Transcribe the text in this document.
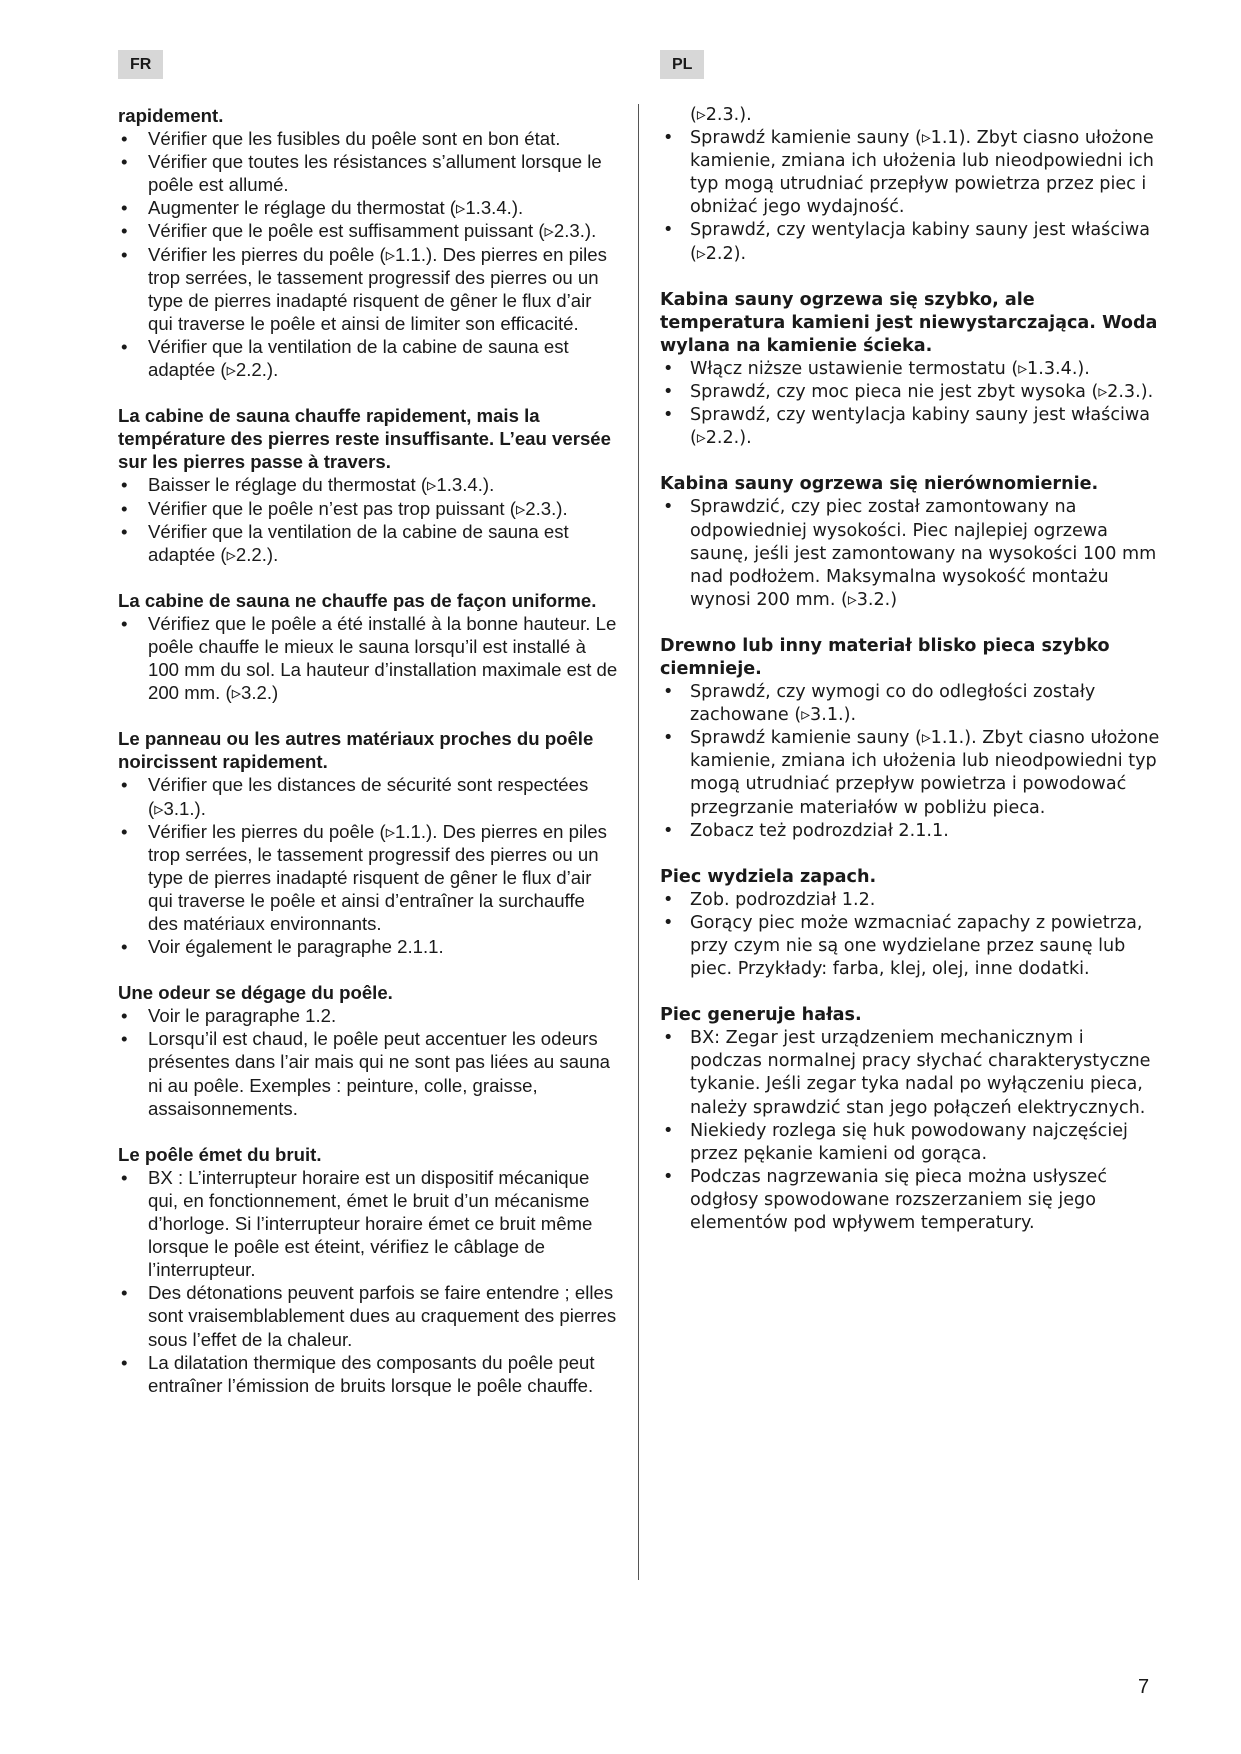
FR	PL

rapidement.

• Vérifier que les fusibles du poêle sont en bon état.
• Vérifier que toutes les résistances s’allument lorsque le poêle est allumé.
• Augmenter le réglage du thermostat (▹1.3.4.).
• Vérifier que le poêle est suffisamment puissant (▹2.3.).
• Vérifier les pierres du poêle (▹1.1.). Des pierres en piles trop serrées, le tassement progressif des pierres ou un type de pierres inadapté risquent de gêner le flux d’air qui traverse le poêle et ainsi de limiter son efficacité.
• Vérifier que la ventilation de la cabine de sauna est adaptée (▹2.2.).

La cabine de sauna chauffe rapidement, mais la température des pierres reste insuffisante. L’eau versée sur les pierres passe à travers.

• Baisser le réglage du thermostat (▹1.3.4.).
• Vérifier que le poêle n’est pas trop puissant (▹2.3.).
• Vérifier que la ventilation de la cabine de sauna est adaptée (▹2.2.).

La cabine de sauna ne chauffe pas de façon uniforme.

• Vérifiez que le poêle a été installé à la bonne hauteur. Le poêle chauffe le mieux le sauna lorsqu’il est installé à 100 mm du sol. La hauteur d’installation maximale est de 200 mm. (▹3.2.)

Le panneau ou les autres matériaux proches du poêle noircissent rapidement.

• Vérifier que les distances de sécurité sont respectées (▹3.1.).
• Vérifier les pierres du poêle (▹1.1.). Des pierres en piles trop serrées, le tassement progressif des pierres ou un type de pierres inadapté risquent de gêner le flux d’air qui traverse le poêle et ainsi d’entraîner la surchauffe des matériaux environnants.
• Voir également le paragraphe 2.1.1.

Une odeur se dégage du poêle.

• Voir le paragraphe 1.2.
• Lorsqu’il est chaud, le poêle peut accentuer les odeurs présentes dans l’air mais qui ne sont pas liées au sauna ni au poêle. Exemples : peinture, colle, graisse, assaisonnements.

Le poêle émet du bruit.

• BX : L’interrupteur horaire est un dispositif mécanique qui, en fonctionnement, émet le bruit d’un mécanisme d’horloge. Si l’interrupteur horaire émet ce bruit même lorsque le poêle est éteint, vérifiez le câblage de l’interrupteur.
• Des détonations peuvent parfois se faire entendre ; elles sont vraisemblablement dues au craquement des pierres sous l’effet de la chaleur.
• La dilatation thermique des composants du poêle peut entraîner l’émission de bruits lorsque le poêle chauffe.

(▹2.3.).

• Sprawdź kamienie sauny (▹1.1). Zbyt ciasno ułożone kamienie, zmiana ich ułożenia lub nieodpowiedni ich typ mogą utrudniać przepływ powietrza przez piec i obniżać jego wydajność.
• Sprawdź, czy wentylacja kabiny sauny jest właściwa (▹2.2).

Kabina sauny ogrzewa się szybko, ale temperatura kamieni jest niewystarczająca. Woda wylana na kamienie ścieka.

• Włącz niższe ustawienie termostatu (▹1.3.4.).
• Sprawdź, czy moc pieca nie jest zbyt wysoka (▹2.3.).
• Sprawdź, czy wentylacja kabiny sauny jest właściwa (▹2.2.).

Kabina sauny ogrzewa się nierównomiernie.

• Sprawdzić, czy piec został zamontowany na odpowiedniej wysokości. Piec najlepiej ogrzewa saunę, jeśli jest zamontowany na wysokości 100 mm nad podłożem. Maksymalna wysokość montażu wynosi 200 mm. (▹3.2.)

Drewno lub inny materiał blisko pieca szybko ciemnieje.

• Sprawdź, czy wymogi co do odległości zostały zachowane (▹3.1.).
• Sprawdź kamienie sauny (▹1.1.). Zbyt ciasno ułożone kamienie, zmiana ich ułożenia lub nieodpowiedni typ mogą utrudniać przepływ powietrza i powodować przegrzanie materiałów w pobliżu pieca.
• Zobacz też podrozdział 2.1.1.

Piec wydziela zapach.

• Zob. podrozdział 1.2.
• Gorący piec może wzmacniać zapachy z powietrza, przy czym nie są one wydzielane przez saunę lub piec. Przykłady: farba, klej, olej, inne dodatki.

Piec generuje hałas.

• BX: Zegar jest urządzeniem mechanicznym i podczas normalnej pracy słychać charakterystyczne tykanie. Jeśli zegar tyka nadal po wyłączeniu pieca, należy sprawdzić stan jego połączeń elektrycznych.
• Niekiedy rozlega się huk powodowany najczęściej przez pękanie kamieni od gorąca.
• Podczas nagrzewania się pieca można usłyszeć odgłosy spowodowane rozszerzaniem się jego elementów pod wpływem temperatury.
7
